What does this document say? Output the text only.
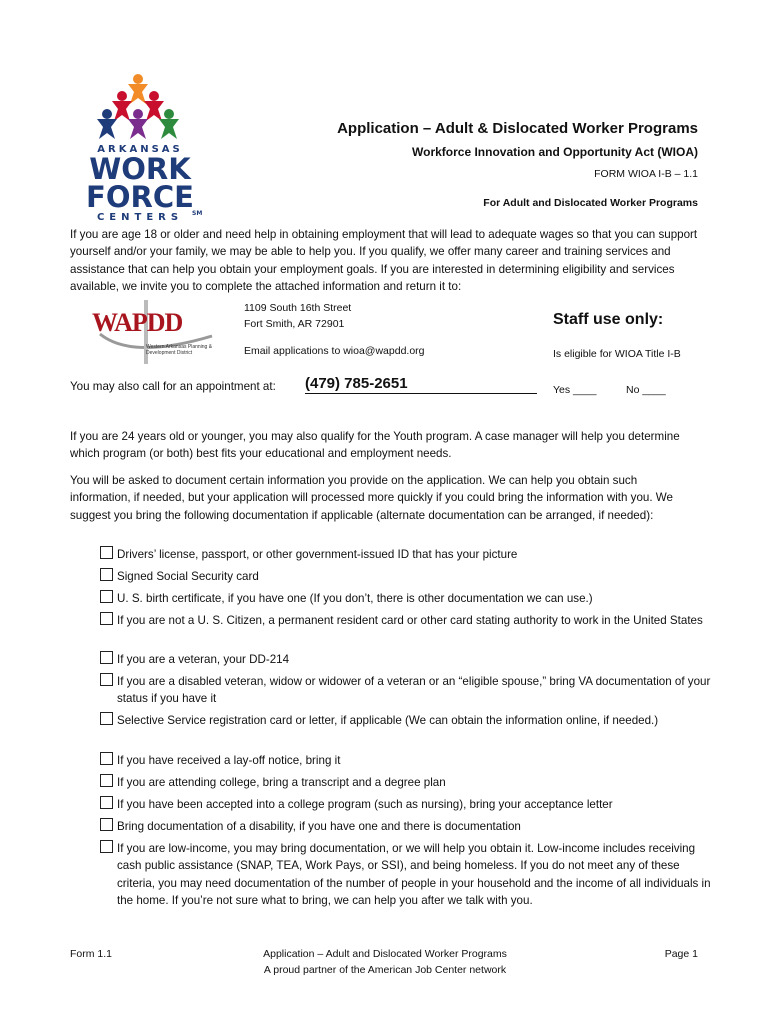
ARKANSAS
WORK
FORCE
CENTERS	SM
Application – Adult & Dislocated Worker Programs
Workforce Innovation and Opportunity Act (WIOA)
FORM WIOA I-B – 1.1
For Adult and Dislocated Worker Programs
If you are age 18 or older and need help in obtaining employment that will lead to adequate wages so that you can support yourself and/or your family, we may be able to help you. If you qualify, we offer many career and training services and assistance that can help you obtain your employment goals. If you are interested in determining eligibility and services available, we invite you to complete the attached information and return it to:
WAPDD
Western Arkansas Planning & Development District
1109 South 16th Street
Fort Smith, AR 72901
Email applications to wioa@wapdd.org
Staff use only:
Is eligible for WIOA Title I-B
Yes ____	No ____
You may also call for an appointment at: (479) 785-2651
If you are 24 years old or younger, you may also qualify for the Youth program. A case manager will help you determine which program (or both) best fits your educational and employment needs.
You will be asked to document certain information you provide on the application. We can help you obtain such information, if needed, but your application will processed more quickly if you could bring the information with you. We suggest you bring the following documentation if applicable (alternate documentation can be arranged, if needed):
Drivers’ license, passport, or other government-issued ID that has your picture
Signed Social Security card
U. S. birth certificate, if you have one (If you don’t, there is other documentation we can use.)
If you are not a U. S. Citizen, a permanent resident card or other card stating authority to work in the United States
If you are a veteran, your DD-214
If you are a disabled veteran, widow or widower of a veteran or an “eligible spouse,” bring VA documentation of your status if you have it
Selective Service registration card or letter, if applicable (We can obtain the information online, if needed.)
If you have received a lay-off notice, bring it
If you are attending college, bring a transcript and a degree plan
If you have been accepted into a college program (such as nursing), bring your acceptance letter
Bring documentation of a disability, if you have one and there is documentation
If you are low-income, you may bring documentation, or we will help you obtain it. Low-income includes receiving cash public assistance (SNAP, TEA, Work Pays, or SSI), and being homeless. If you do not meet any of these criteria, you may need documentation of the number of people in your household and the income of all individuals in the home. If you’re not sure what to bring, we can help you after we talk with you.
Form 1.1	Application – Adult and Dislocated Worker Programs
A proud partner of the American Job Center network
Page 1
